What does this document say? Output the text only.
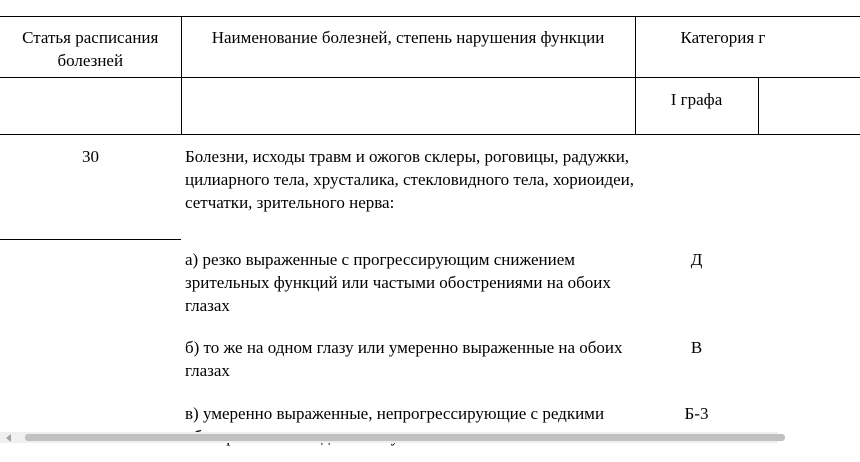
Статья расписания болезней	Наименование болезней, степень нарушения функции	Категория г	
		I графа	
30	Болезни, исходы травм и ожогов склеры, роговицы, радужки, цилиарного тела, хрусталика, стекловидного тела, хориоидеи, сетчатки, зрительного нерва:		
	а) резко выраженные с прогрессирующим снижением зрительных функций или частыми обострениями на обоих глазах	Д	
	б) то же на одном глазу или умеренно выраженные на обоих глазах	В	
	в) умеренно выраженные, непрогрессирующие с редкими	Б-3	
